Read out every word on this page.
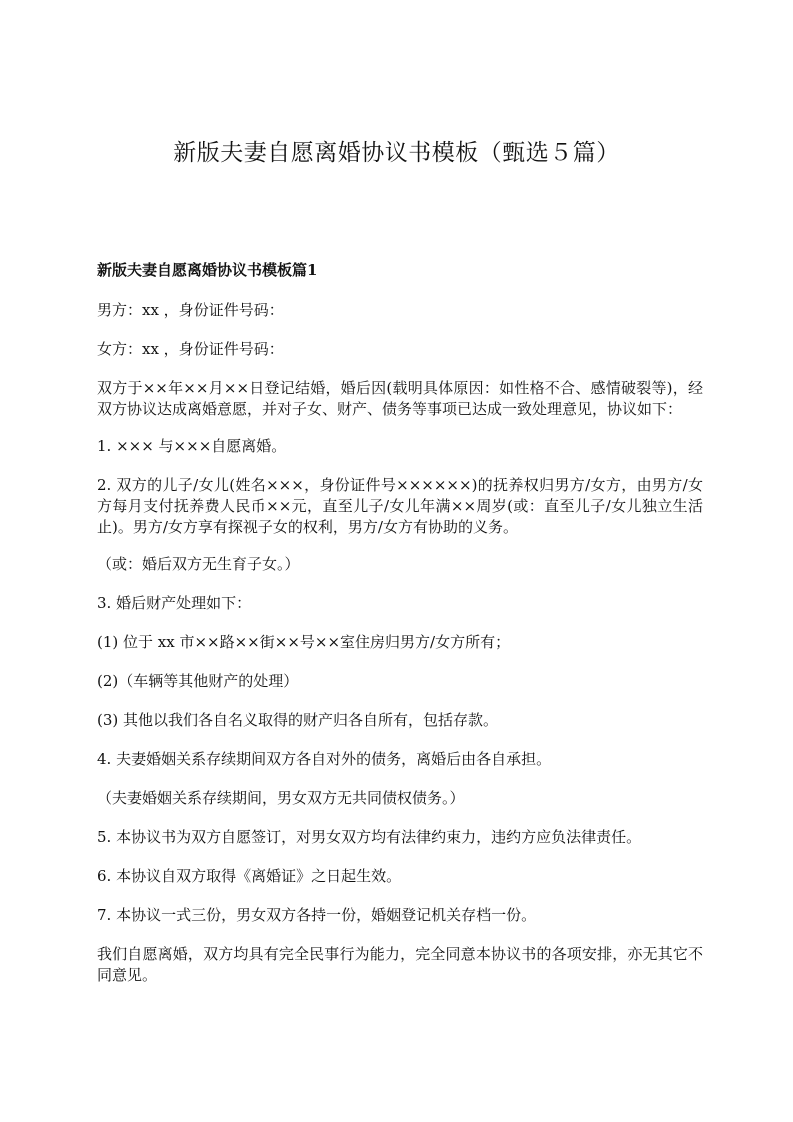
新版夫妻自愿离婚协议书模板（甄选５篇）
新版夫妻自愿离婚协议书模板篇1

男方：xx ，身份证件号码：

女方：xx ，身份证件号码：

双方于××年××月××日登记结婚，婚后因(载明具体原因：如性格不合、感情破裂等)，经双方协议达成离婚意愿，并对子女、财产、债务等事项已达成一致处理意见，协议如下：

1. ××× 与×××自愿离婚。

2. 双方的儿子/女儿(姓名×××，身份证件号××××××)的抚养权归男方/女方，由男方/女方每月支付抚养费人民币××元，直至儿子/女儿年满××周岁(或：直至儿子/女儿独立生活止)。男方/女方享有探视子女的权利，男方/女方有协助的义务。

（或：婚后双方无生育子女。）

3. 婚后财产处理如下：

(1) 位于 xx 市××路××街××号××室住房归男方/女方所有；

(2)（车辆等其他财产的处理）

(3) 其他以我们各自名义取得的财产归各自所有，包括存款。

4. 夫妻婚姻关系存续期间双方各自对外的债务，离婚后由各自承担。

（夫妻婚姻关系存续期间，男女双方无共同债权债务。）

5. 本协议书为双方自愿签订，对男女双方均有法律约束力，违约方应负法律责任。

6. 本协议自双方取得《离婚证》之日起生效。

7. 本协议一式三份，男女双方各持一份，婚姻登记机关存档一份。

我们自愿离婚，双方均具有完全民事行为能力，完全同意本协议书的各项安排，亦无其它不同意见。
